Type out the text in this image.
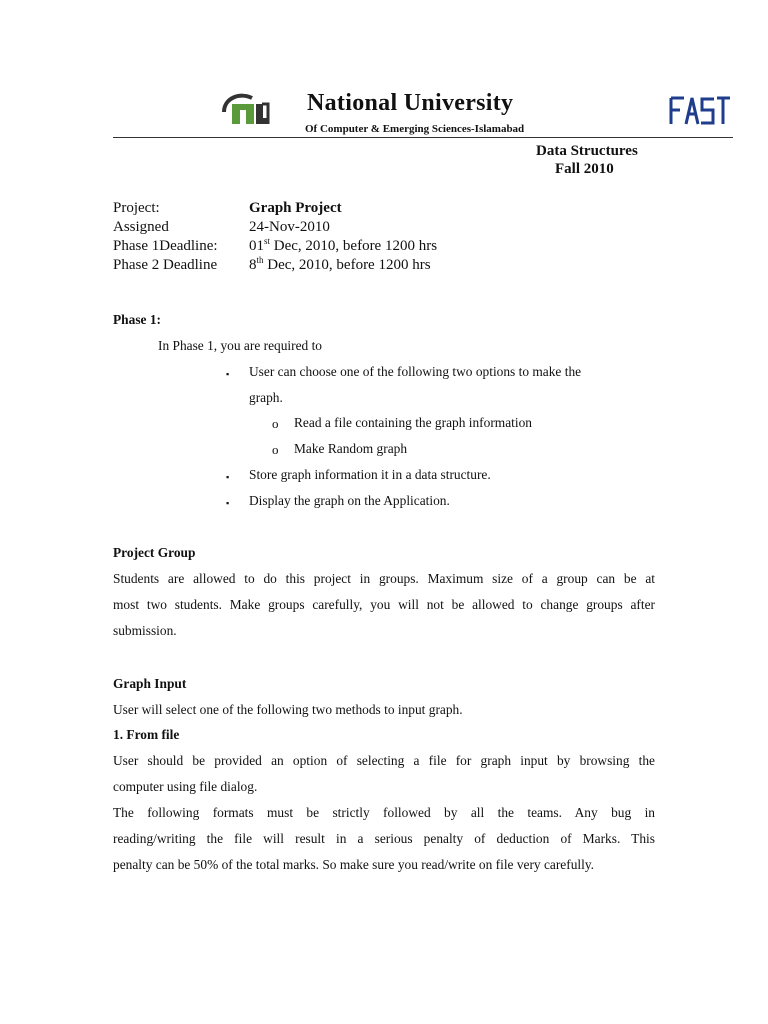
nu	National University
Of Computer & Emerging Sciences-Islamabad
FAST
Data Structures
Fall 2010
Project:	Graph Project
Assigned	24-Nov-2010
Phase 1Deadline:	01st Dec, 2010, before 1200 hrs
Phase 2 Deadline	8th Dec, 2010, before 1200 hrs
Phase 1:
In Phase 1, you are required to
▪ User can choose one of the following two options to make the
graph.
o Read a file containing the graph information
o Make Random graph
▪ Store graph information it in a data structure.
▪ Display the graph on the Application.
Project Group
Students are allowed to do this project in groups. Maximum size of a group can be at
most two students. Make groups carefully, you will not be allowed to change groups after
submission.
Graph Input
User will select one of the following two methods to input graph.
1. From file
User should be provided an option of selecting a file for graph input by browsing the
computer using file dialog.
The following formats must be strictly followed by all the teams. Any bug in
reading/writing the file will result in a serious penalty of deduction of Marks. This
penalty can be 50% of the total marks. So make sure you read/write on file very carefully.
